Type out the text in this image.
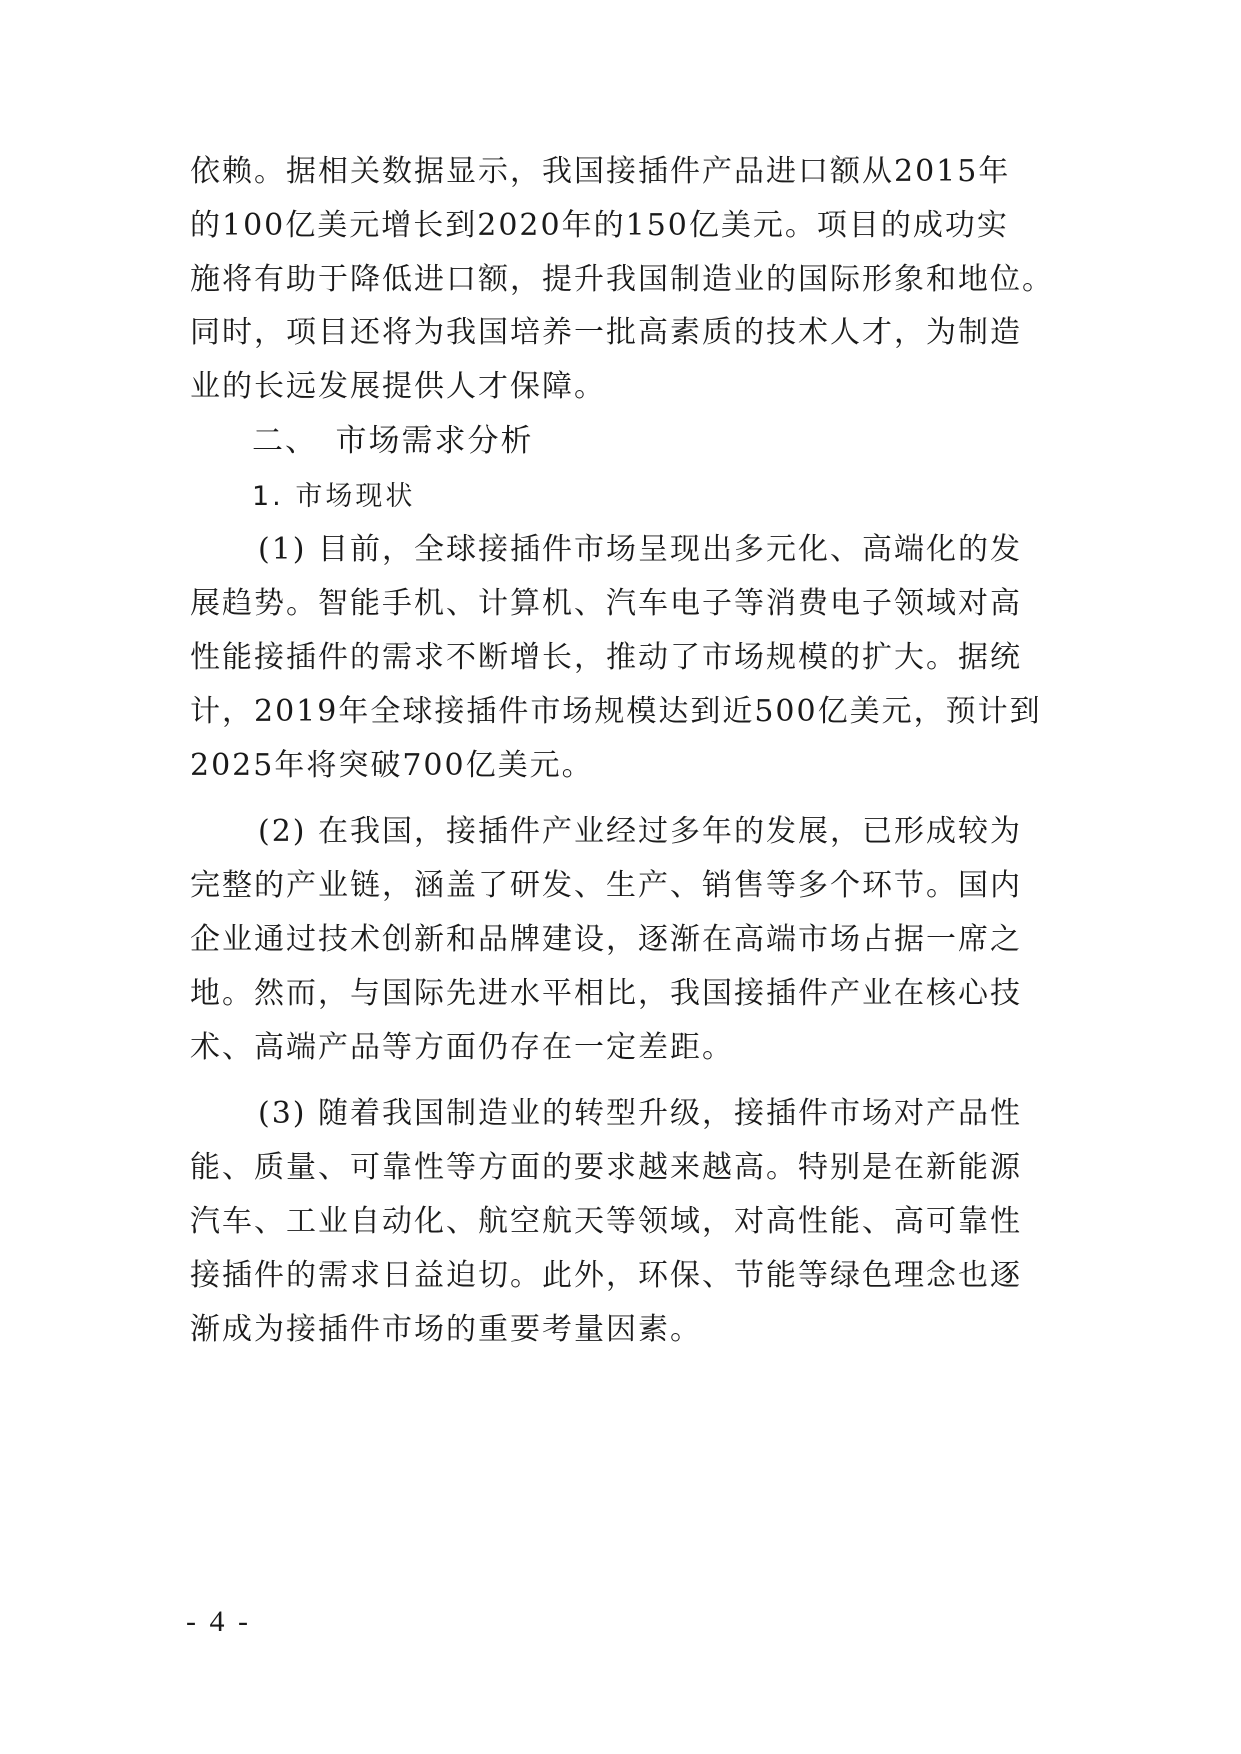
依赖。据相关数据显示，我国接插件产品进口额从2015年
的100亿美元增长到2020年的150亿美元。项目的成功实
施将有助于降低进口额，提升我国制造业的国际形象和地位。
同时，项目还将为我国培养一批高素质的技术人才，为制造
业的长远发展提供人才保障。
二、　市场需求分析
1. 市场现状
(1) 目前，全球接插件市场呈现出多元化、高端化的发
展趋势。智能手机、计算机、汽车电子等消费电子领域对高
性能接插件的需求不断增长，推动了市场规模的扩大。据统
计，2019年全球接插件市场规模达到近500亿美元，预计到
2025年将突破700亿美元。
(2) 在我国，接插件产业经过多年的发展，已形成较为
完整的产业链，涵盖了研发、生产、销售等多个环节。国内
企业通过技术创新和品牌建设，逐渐在高端市场占据一席之
地。然而，与国际先进水平相比，我国接插件产业在核心技
术、高端产品等方面仍存在一定差距。
(3) 随着我国制造业的转型升级，接插件市场对产品性
能、质量、可靠性等方面的要求越来越高。特别是在新能源
汽车、工业自动化、航空航天等领域，对高性能、高可靠性
接插件的需求日益迫切。此外，环保、节能等绿色理念也逐
渐成为接插件市场的重要考量因素。
- 4 -
